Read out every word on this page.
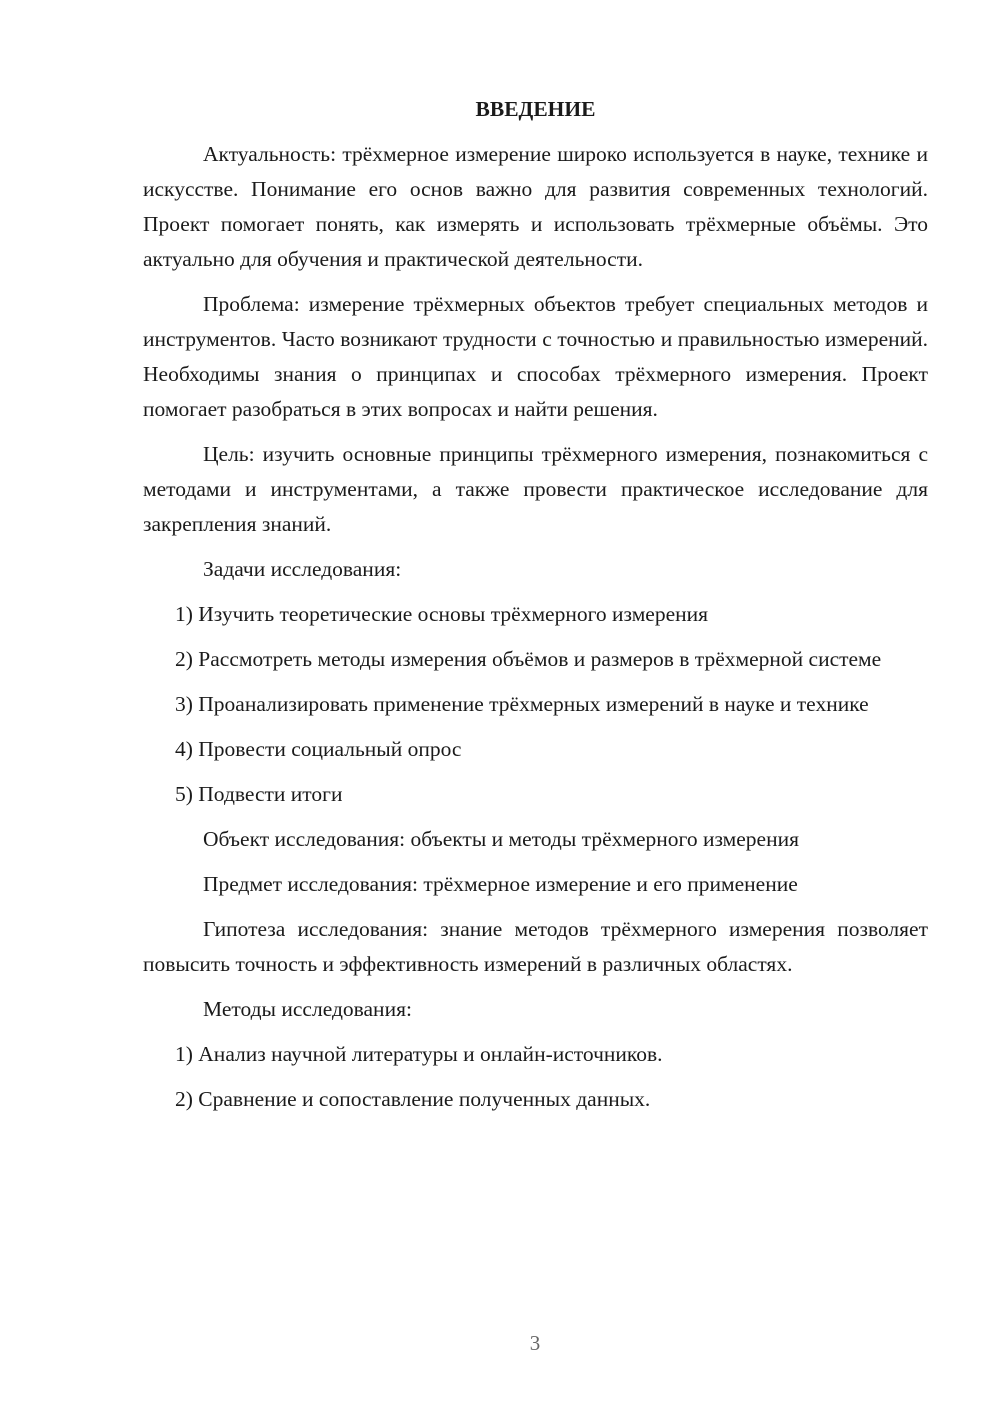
ВВЕДЕНИЕ

Актуальность: трёхмерное измерение широко используется в науке, технике и искусстве. Понимание его основ важно для развития современных технологий. Проект помогает понять, как измерять и использовать трёхмерные объёмы. Это актуально для обучения и практической деятельности.

Проблема: измерение трёхмерных объектов требует специальных методов и инструментов. Часто возникают трудности с точностью и правильностью измерений. Необходимы знания о принципах и способах трёхмерного измерения. Проект помогает разобраться в этих вопросах и найти решения.

Цель: изучить основные принципы трёхмерного измерения, познакомиться с методами и инструментами, а также провести практическое исследование для закрепления знаний.

Задачи исследования:

1) Изучить теоретические основы трёхмерного измерения

2) Рассмотреть методы измерения объёмов и размеров в трёхмерной системе

3) Проанализировать применение трёхмерных измерений в науке и технике

4) Провести социальный опрос

5) Подвести итоги

Объект исследования: объекты и методы трёхмерного измерения

Предмет исследования: трёхмерное измерение и его применение

Гипотеза исследования: знание методов трёхмерного измерения позволяет повысить точность и эффективность измерений в различных областях.

Методы исследования:

1) Анализ научной литературы и онлайн-источников.

2) Сравнение и сопоставление полученных данных.

3
